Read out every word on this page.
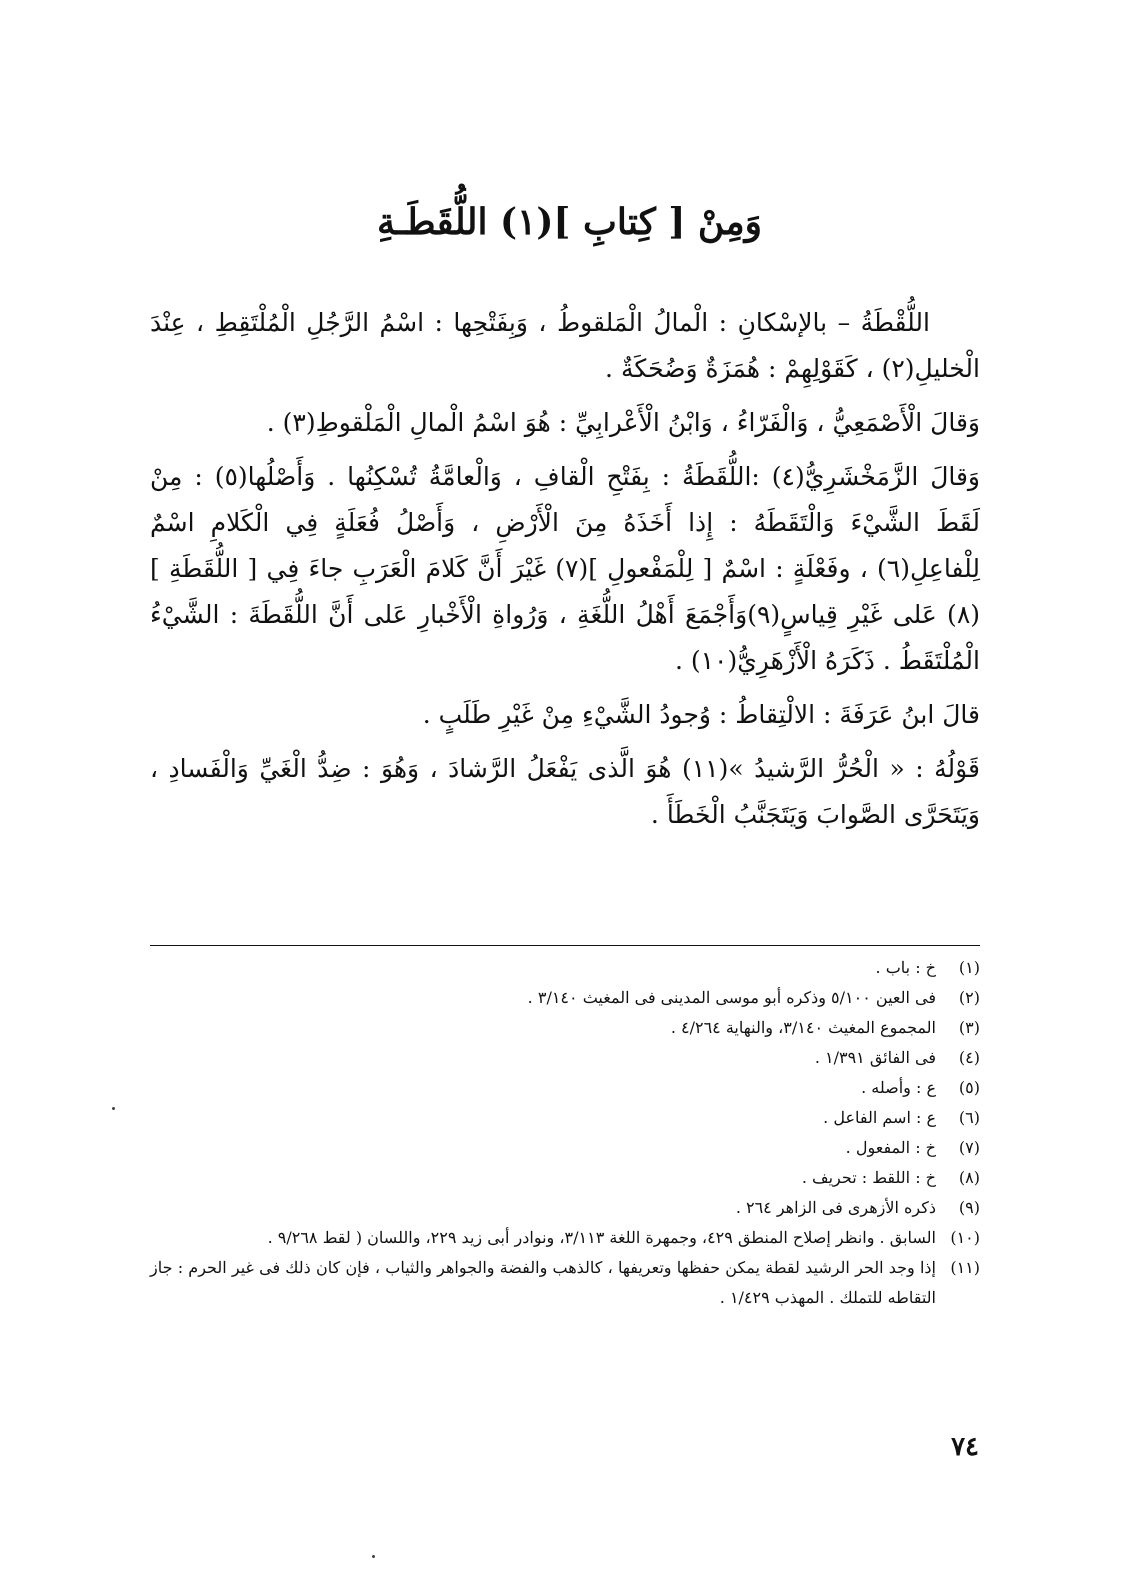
وَمِنْ [ كِتابِ ](١) اللُّقَطَـةِ

اللُّقْطَةُ – بالإسْكانِ : الْمالُ الْمَلقوطُ ، وَبِفَتْحِها : اسْمُ الرَّجُلِ الْمُلْتَقِطِ ، عِنْدَ الْخليلِ(٢) ، كَقَوْلِهِمْ : هُمَزَةٌ وَضُحَكَةٌ .

وَقالَ الْأَصْمَعِيُّ ، وَالْفَرّاءُ ، وَابْنُ الْأَعْرابِيِّ : هُوَ اسْمُ الْمالِ الْمَلْقوطِ(٣) .

وَقالَ الزَّمَخْشَرِيُّ(٤) :اللُّقَطَةُ : بِفَتْحِ الْقافِ ، وَالْعامَّةُ تُسْكِنُها . وَأَصْلُها(٥) : مِنْ لَقَطَ الشَّيْءَ وَالْتَقَطَهُ : إِذا أَخَذَهُ مِنَ الْأَرْضِ ، وَأَصْلُ فُعَلَةٍ فِي الْكَلامِ اسْمٌ لِلْفاعِلِ(٦) ، وفَعْلَةٍ : اسْمٌ [ لِلْمَفْعولِ ](٧) غَيْرَ أَنَّ كَلامَ الْعَرَبِ جاءَ فِي [ اللُّقَطَةِ ](٨) عَلى غَيْرِ قِياسٍ(٩)وَأَجْمَعَ أَهْلُ اللُّغَةِ ، وَرُواةِ الْأَخْبارِ عَلى أَنَّ اللُّقَطَةَ : الشَّيْءُ الْمُلْتَقَطُ . ذَكَرَهُ الْأَزْهَرِيُّ(١٠) .

قالَ ابنُ عَرَفَةَ : الالْتِقاطُ : وُجودُ الشَّيْءِ مِنْ غَيْرِ طَلَبٍ .

قَوْلُهُ : « الْحُرُّ الرَّشيدُ »(١١) هُوَ الَّذى يَفْعَلُ الرَّشادَ ، وَهُوَ : ضِدُّ الْغَيِّ وَالْفَسادِ ، وَيَتَحَرَّى الصَّوابَ وَيَتَجَنَّبُ الْخَطَأَ .

(١)
خ : باب .
(٢)
فى العين ٥/١٠٠ وذكره أبو موسى المدينى فى المغيث ٣/١٤٠ .
(٣)
المجموع المغيث ٣/١٤٠، والنهاية ٤/٢٦٤ .
(٤)
فى الفائق ١/٣٩١ .
(٥)
ع : وأصله .
(٦)
ع : اسم الفاعل .
(٧)
خ : المفعول .
(٨)
خ : اللقط : تحريف .
(٩)
ذكره الأزهرى فى الزاهر ٢٦٤ .
(١٠)
السابق . وانظر إصلاح المنطق ٤٢٩، وجمهرة اللغة ٣/١١٣، ونوادر أبى زيد ٢٢٩، واللسان ( لقط ٩/٢٦٨ .
(١١)
إذا وجد الحر الرشيد لقطة يمكن حفظها وتعريفها ، كالذهب والفضة والجواهر والثياب ، فإن كان ذلك فى غير الحرم : جاز التقاطه للتملك . المهذب ١/٤٢٩ .
٧٤
